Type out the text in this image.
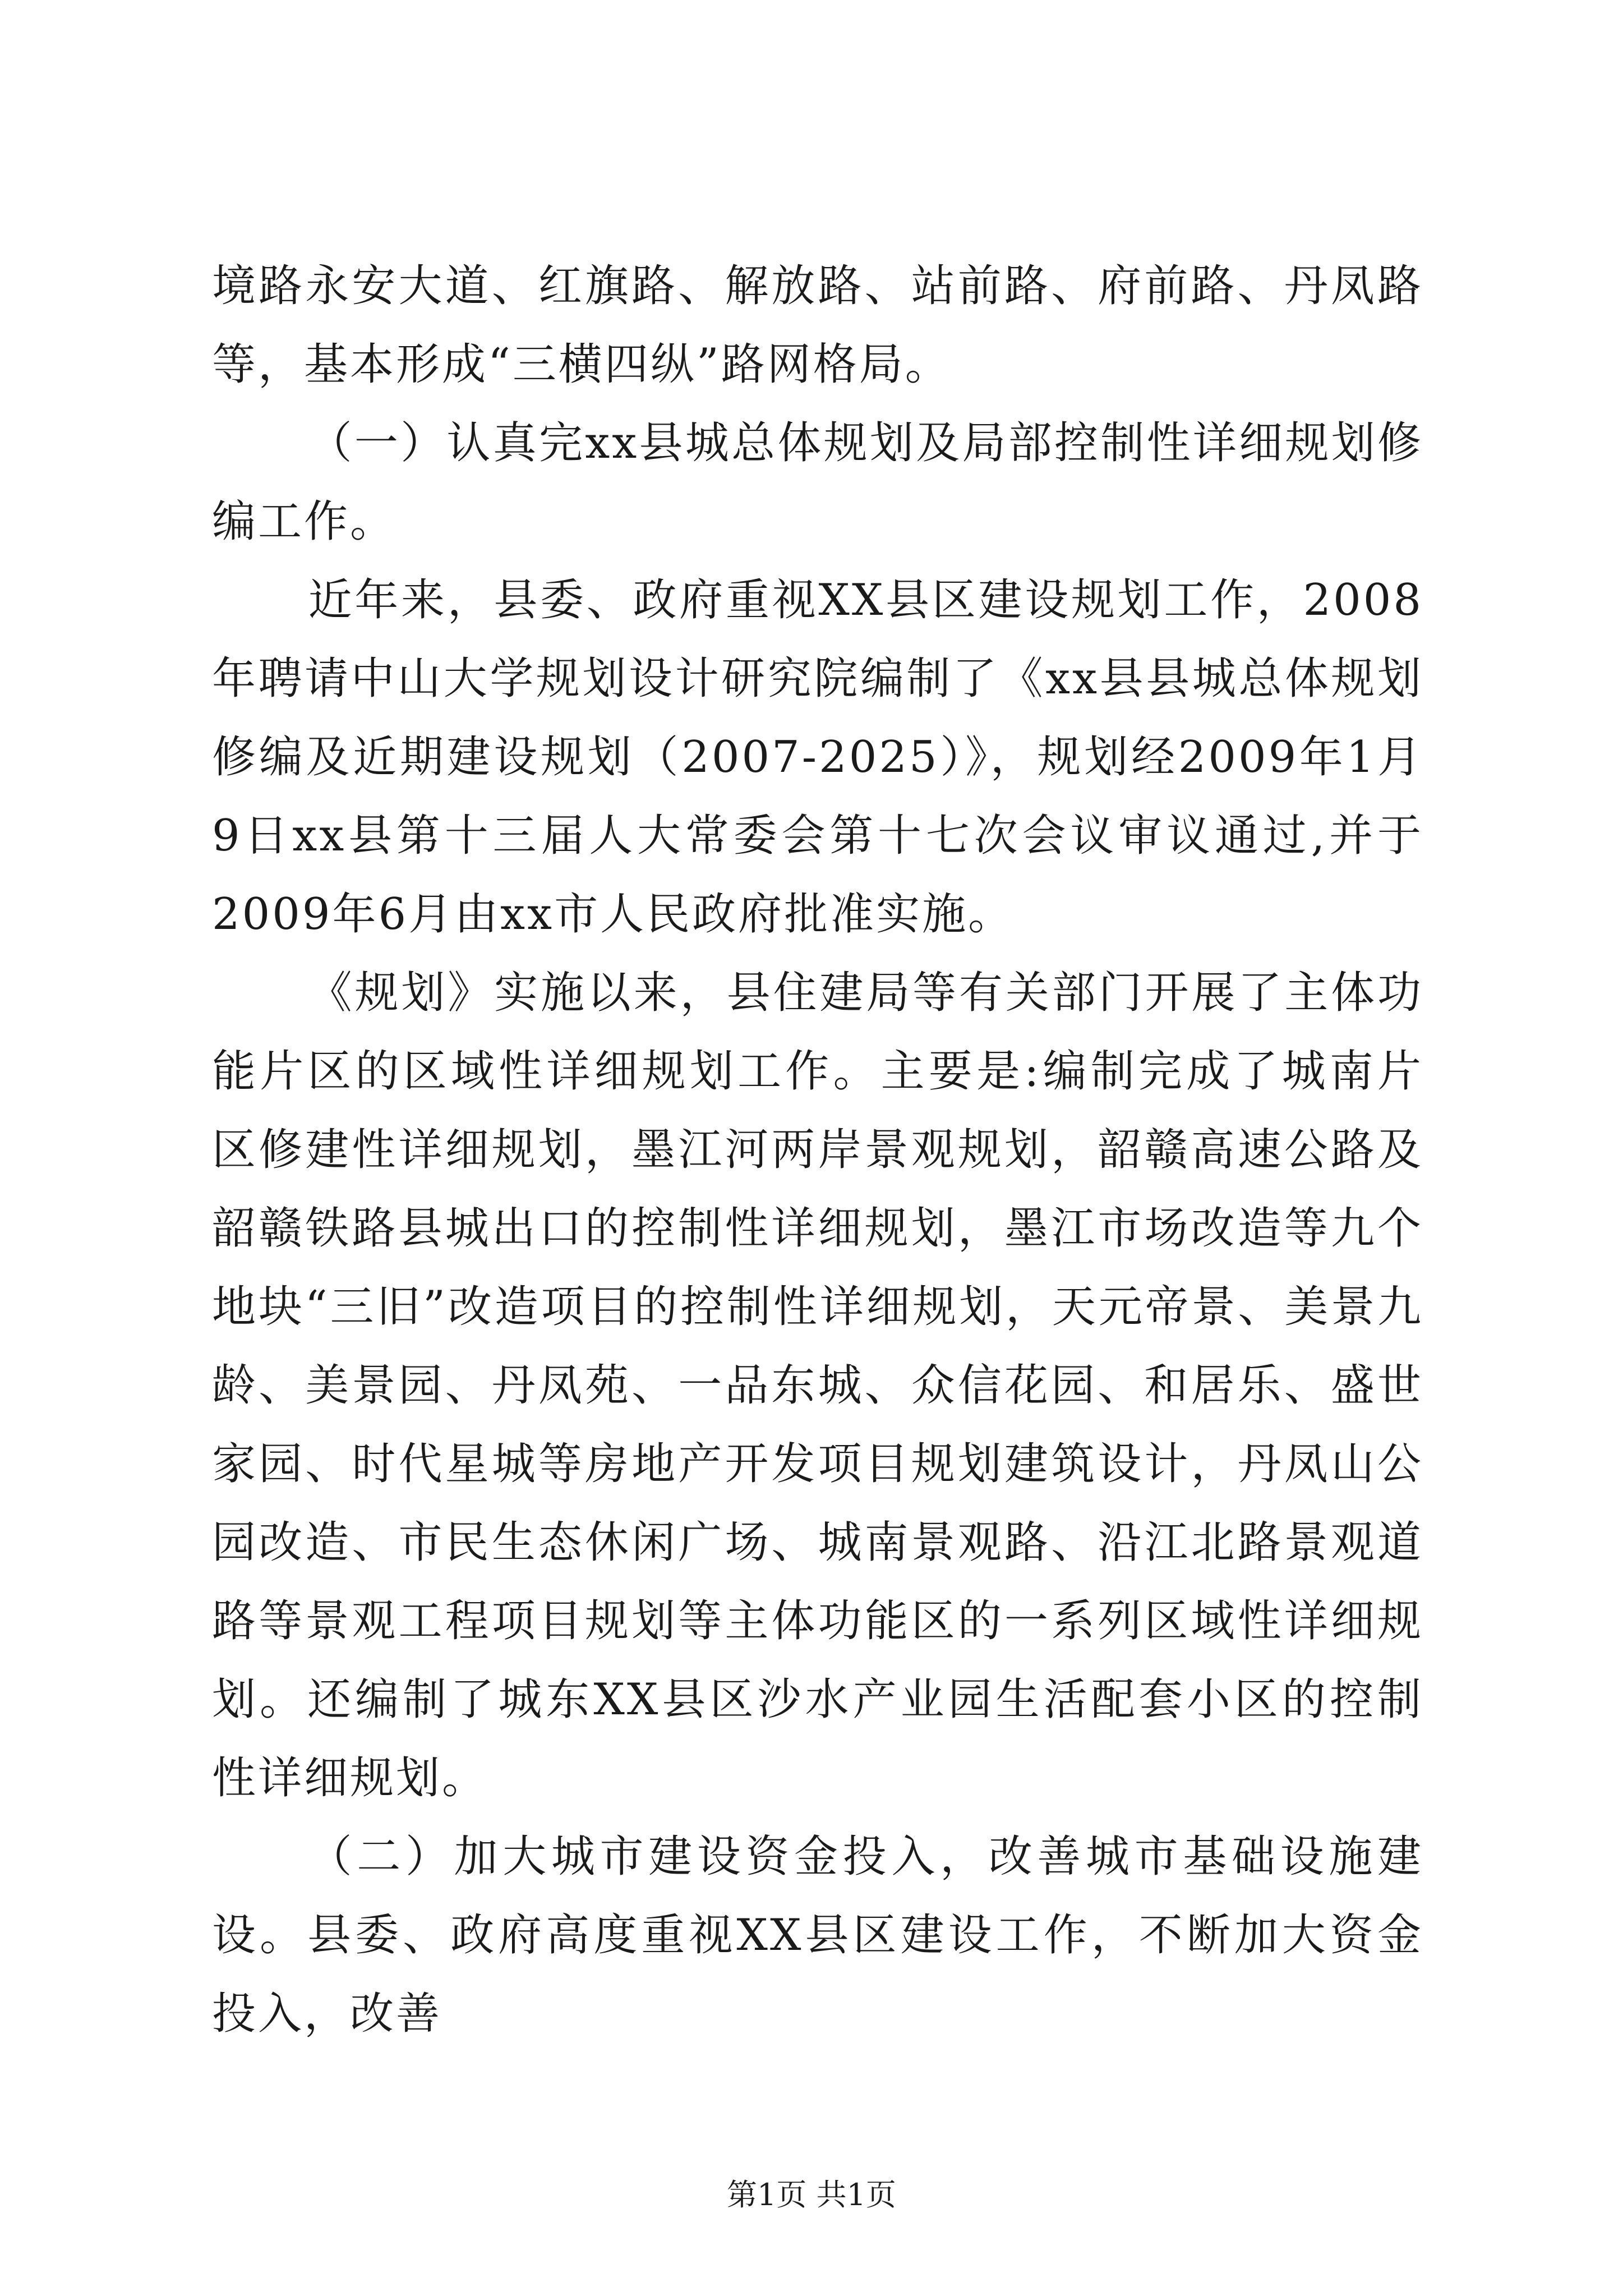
境路永安大道、红旗路、解放路、站前路、府前路、丹凤路等，基本形成“三横四纵”路网格局。

（一）认真完xx县城总体规划及局部控制性详细规划修编工作。

近年来，县委、政府重视XX县区建设规划工作，2008年聘请中山大学规划设计研究院编制了《xx县县城总体规划修编及近期建设规划（2007-2025）》，规划经2009年1月9日xx县第十三届人大常委会第十七次会议审议通过,并于2009年6月由xx市人民政府批准实施。

《规划》实施以来，县住建局等有关部门开展了主体功能片区的区域性详细规划工作。主要是:编制完成了城南片区修建性详细规划，墨江河两岸景观规划，韶赣高速公路及韶赣铁路县城出口的控制性详细规划，墨江市场改造等九个地块“三旧”改造项目的控制性详细规划，天元帝景、美景九龄、美景园、丹凤苑、一品东城、众信花园、和居乐、盛世家园、时代星城等房地产开发项目规划建筑设计，丹凤山公园改造、市民生态休闲广场、城南景观路、沿江北路景观道路等景观工程项目规划等主体功能区的一系列区域性详细规划。还编制了城东XX县区沙水产业园生活配套小区的控制性详细规划。

（二）加大城市建设资金投入，改善城市基础设施建设。县委、政府高度重视XX县区建设工作，不断加大资金投入，改善

第1页 共1页
